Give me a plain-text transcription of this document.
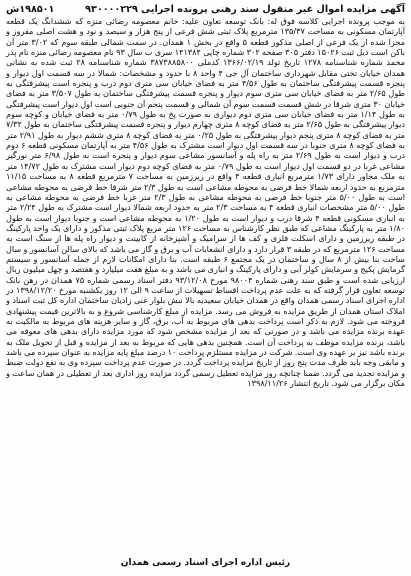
آگهی مزایده اموال غیر منقول سند رهنی پرونده اجرایی ۹۳۰۰۰۰۲۲۹
۱۹۸۵۰۱ش

به موجب پرونده اجرایی کلاسه فوق له: بانک توسعه تعاون علیه: خانم معصومه رضائی منزه که ششدانگ یک قطعه آپارتمان مسکونی به مساحت ۱۳۵/۳۷ مترمربع پلاک ثبتی شش فرعی از پنج هزار و سیصد و نود و هشت اصلی مفروز و مجزا شده از یک فرعی از اصلی مذکور قطعه ۵ واقع در بخش ۱ همدان. در سمت شمالی طبقه سوم که ۳/۰۲ متر آن باکن است ذیل ثبت ۱۵۰۲۶ دفتر ۳۰۵ صفحه ۳۰۲ شماره چاپی ۱۴۱۳۸۴ سری ب سال ۹۳ نام معصومه رضائی منزه نام پدر محمد شماره شناسنامه ۱۲۷۸ تاریخ تولد ۱۳۶۶/۰۲/۱۹ کدملی ۳۸۷۳۸۸۵۸۰۰ شماره شناسنامه ۲۸ ثبت شده به نشانی همدان خیابان تختی مقابل شهرداری ساختمان آل جی ۴ واحد ۸ با حدود و مشخصات: شمالا در سه قسمت اول دیوار و پنجره قسمت پیشرفتگی ساختمان به طول ۴/۵۶ متر به فضای خیابان سی متری دوم درب و پنجره است پیشرفتگی به طول ۲/۶۵ متر به فضای خیابان سی متری سوم دیوار و پنجره قسمت پیشرفتگی ساختمان به طول ۳/۵۰۷ متر به فضای خیابان ۳۰ متری شرقا در شش قسمت قسمت سوم آن شمالی و قسمت پنجم آن جنوبی است اول دیوار است پیشرفتگی به طول ۱/۱۴ متر به فضای خیابان سی متری دوم دیواری به صورت پخ به طول ۰/۷۹ متر به فضای خیابان و کوچه سوم دیوار پیشرفتگی به طول ۲/۶۵ متر به فضای کوچه ۸ متری چهارم دیوار و پنجره قسمت پیشرفتگی ساختمان به طول ۷/۳۲ متر به فضای کوچه ۸ متری پنجم دیوار پیشرفتگی به طول ۰/۲۵ متر به فضای کوچه ۸ متری ششم دیوار به طول ۲/۹۱ متر به فضای کوچه ۸ متری جنوبا در سه قسمت اول دیوار است مشترک به طول ۴/۵۶ متر به آپارتمان مسکونی قطعه ۶ دوم درب و دیوار است به طول ۲/۶۹ متر به راه پله و آسانسور مشاعی سوم دیوار و پنجره است به طول ۶/۹۸ متر نورگیر مشاعی غربا در دو قسمت اول دیوار است به طول ۰/۷۹ متر به فضای کوچه دوم دیوار است مشترک به طول ۱۴/۷۲ متر به ملک مجاور دارای ۱/۷۳ مترمربع انباری قطعه ۴ واقع در زیرزمین به مساحت ۷ مترمربع قطعه ۸ به مساحت ۱۱/۱۵ مترمربع به حدود اربعه شمالا خط فرضی به محوطه مشاعی است به طول ۲/۳ متر شرقا خط فرضی به محوطه مشاعی است به طول ۵/۰۰ متر جنوبا خط فرضی به محوطه مشاعی به طول ۲/۳ متر غربا خط فرضی به محوطه مشاعی به طول ۵/۰۰ متر مشخصات انباری قطعه ۴ به مساحت ۲/۳ متر به حدود اربعه شمالا دیوار است مشترک به طول ۲/۲۴ متر به انباری مسکونی قطعه ۴ شرقا درب و دیوار است به طول ۱/۲۰ به محوطه مشاعی است و جنوبا دیوار است به طول ۱/۸۰ متر به پارکینگ مشاعی که طبق نظر کارشناس به مساحت ۱۲۶ متر مربع پلاک ثبتی مذکور و دارای یک واحد پارکینگ در طبقه زیرزمین و دارای اسکلت فلزی و کف ها از سرامیک و آشپزخانه از کابینت و دیوار راه پله ها از سنگ است به مساحت ۱۲۶ مترمربع که در طبقه ۳ قرار دارد و دارای انشعابات آب و برق و گاز می باشد که بالای سالن آسانسور و سال ساخت بنا بیش از ۸ سال و ساختمان در یک مجتمع ۶ طبقه است. بنا دارای امکانات لازم از جمله آسانسور و سیستم گرمایش پکیج و سرمایش کولر آبی و دارای پارکینگ و انباری می باشد و به مبلغ هفت میلیارد و هفتصد و چهل میلیون ریال ارزیابی شده است و طبق سند رهنی شماره ۹۸۰۰۴ مورخ ۹۳/۱۲/۰۸ دفتر اسناد رسمی شماره ۷۵ همدان در رهن بانک توسعه تعاون قرار گرفته که به علت عدم پرداخت اقساط تسهیلات از ساعت ۹ الی ۱۲ روز یکشنبه مورخ ۱۳۹۸/۱۲/۲۰ در اداره اجرای اسناد رسمی همدان واقع در همدان خیابان سعیدیه بالا نبش بلوار غنی زادیان ساختمان اداره کل ثبت اسناد و املاک استان همدان از طریق مزایده به فروش می رسد. مزایده از مبلغ کارشناسی شروع و به بالاترین قیمت پیشنهادی فروخته می شود. لازم به ذکر است پرداخت بدهی های مربوط به آب، برق، گاز و سایر هزینه های مربوط به مالکیت به عهده برنده مزایده می باشد و در صورتی که بعد از مزایده مشخص شود که مورد مزایده دارای بدهی های معوقه می باشد، برنده مزایده موظف به پرداخت آن است. همچنین بدهی هایی که مربوط به بعد از مزایده و قبل از تحویل ملک به برنده باشد نیز بر عهده وی است. شرکت در مزایده مستلزم پرداخت ۱۰ درصد مبلغ پایه مزایده به عنوان سپرده می باشد و مابقی وجه باید ظرف مدت پنج روز از تاریخ مزایده پرداخت گردد. در صورت عدم پرداخت سپرده وی به نفع دولت ضبط و مزایده تجدید می گردد. ضمنا چنانچه روز مزایده تعطیل رسمی گردد مزایده روز اداری بعد از تعطیلی در همان ساعت و مکان برگزار می شود. تاریخ انتشار ۱۳۹۸/۱۱/۲۶

رئیس اداره اجرای اسناد رسمی همدان
